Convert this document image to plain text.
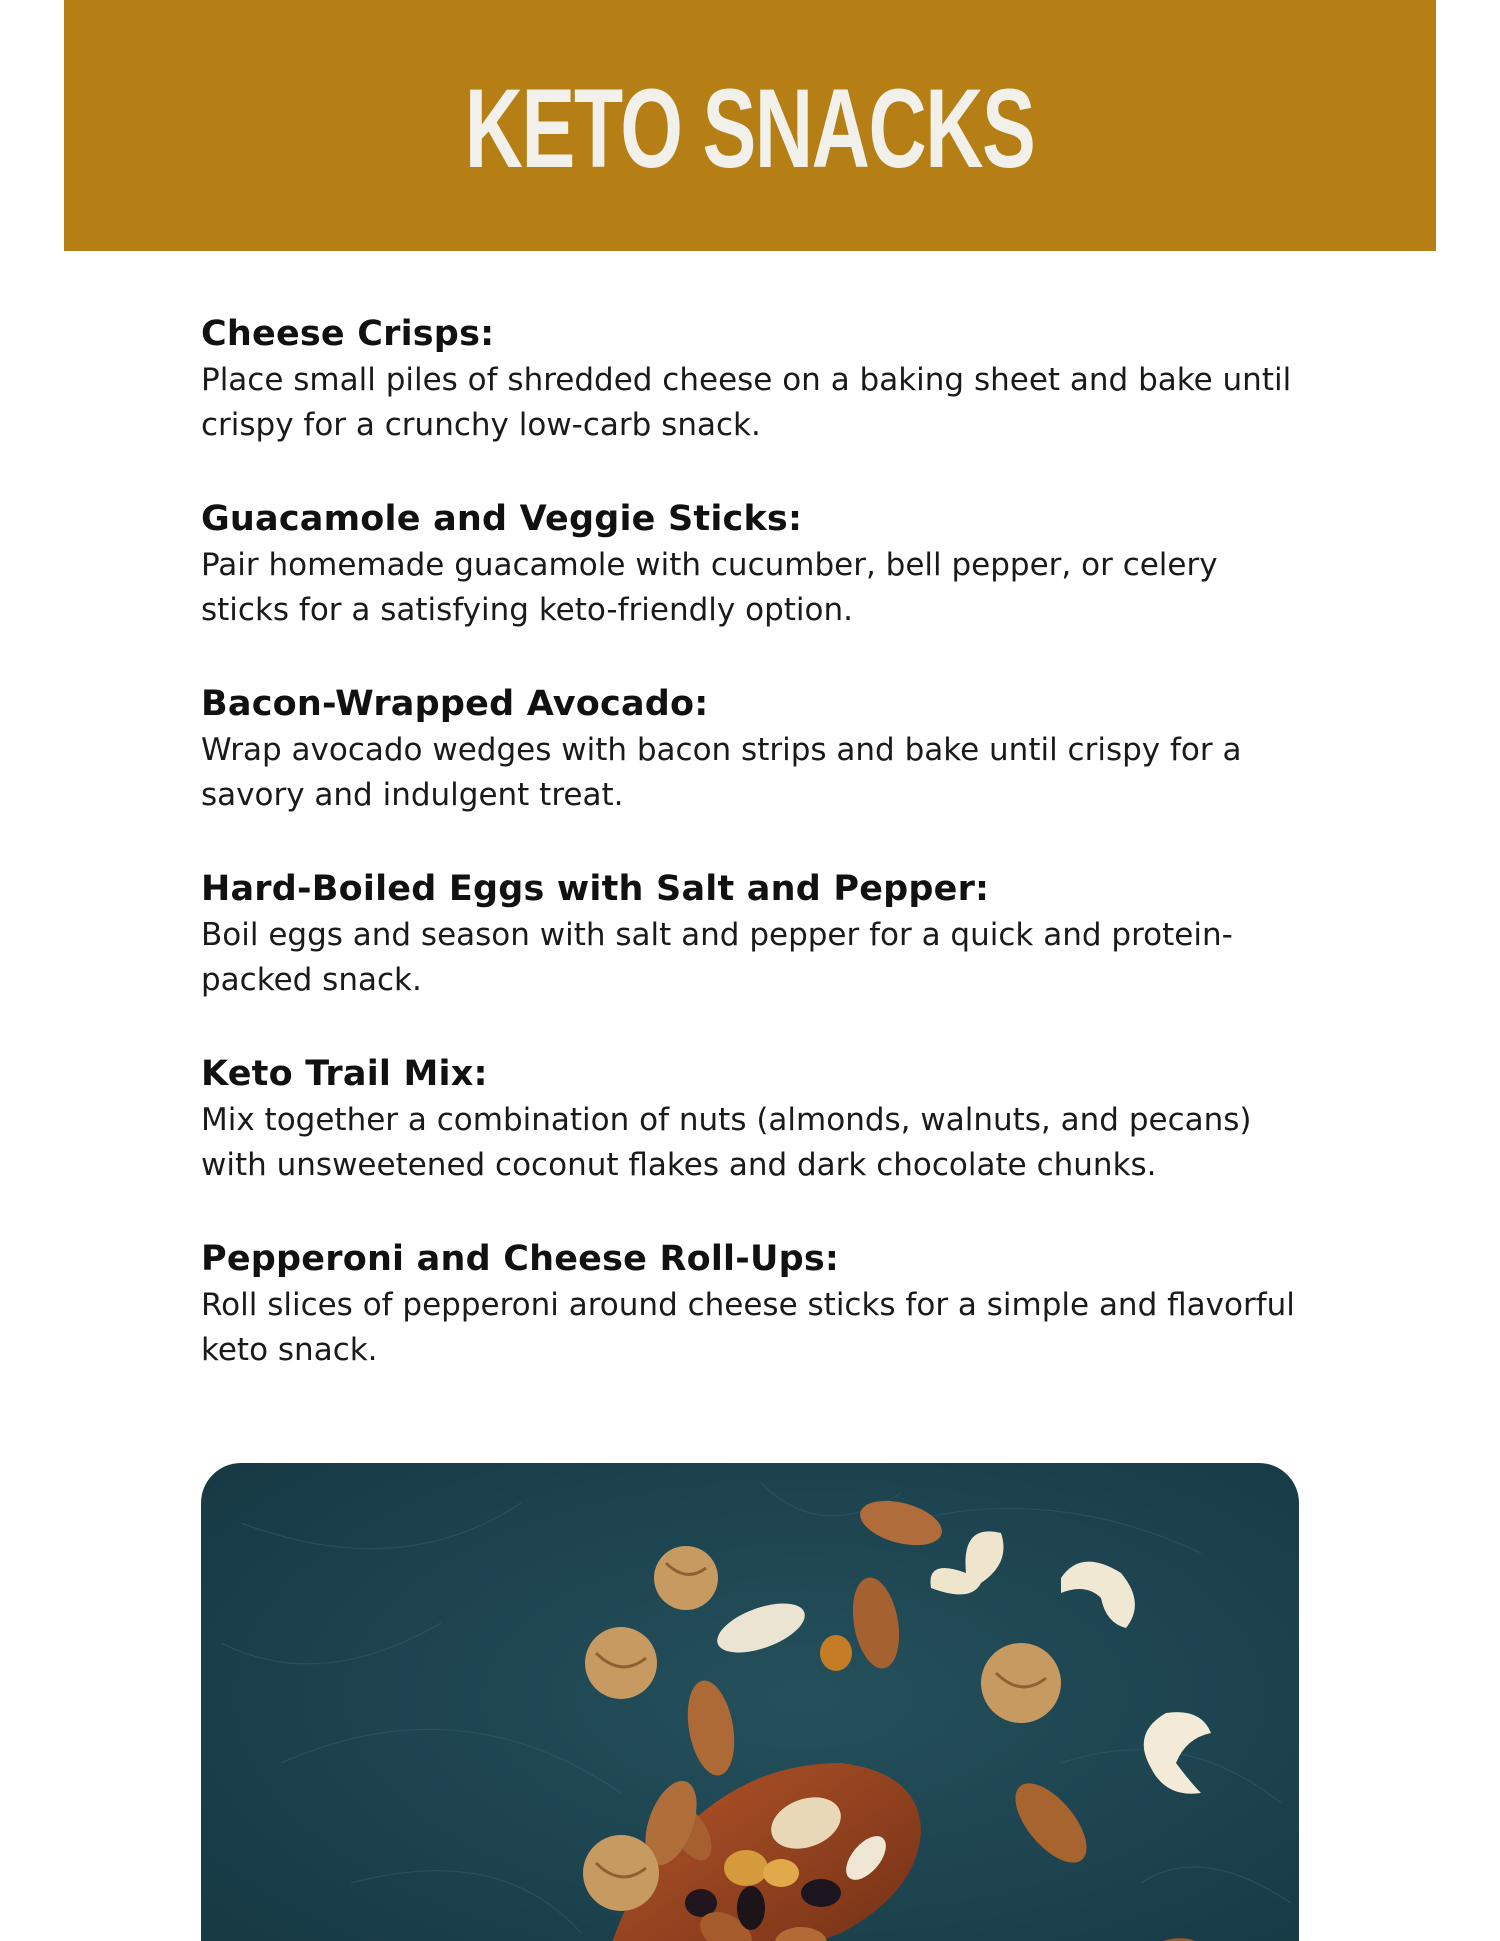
KETO SNACKS
Cheese Crisps:
Place small piles of shredded cheese on a baking sheet and bake until crispy for a crunchy low-carb snack.
Guacamole and Veggie Sticks:
Pair homemade guacamole with cucumber, bell pepper, or celery sticks for a satisfying keto-friendly option.
Bacon-Wrapped Avocado:
Wrap avocado wedges with bacon strips and bake until crispy for a savory and indulgent treat.
Hard-Boiled Eggs with Salt and Pepper:
Boil eggs and season with salt and pepper for a quick and protein-packed snack.
Keto Trail Mix:
Mix together a combination of nuts (almonds, walnuts, and pecans) with unsweetened coconut flakes and dark chocolate chunks.
Pepperoni and Cheese Roll-Ups:
Roll slices of pepperoni around cheese sticks for a simple and flavorful keto snack.
